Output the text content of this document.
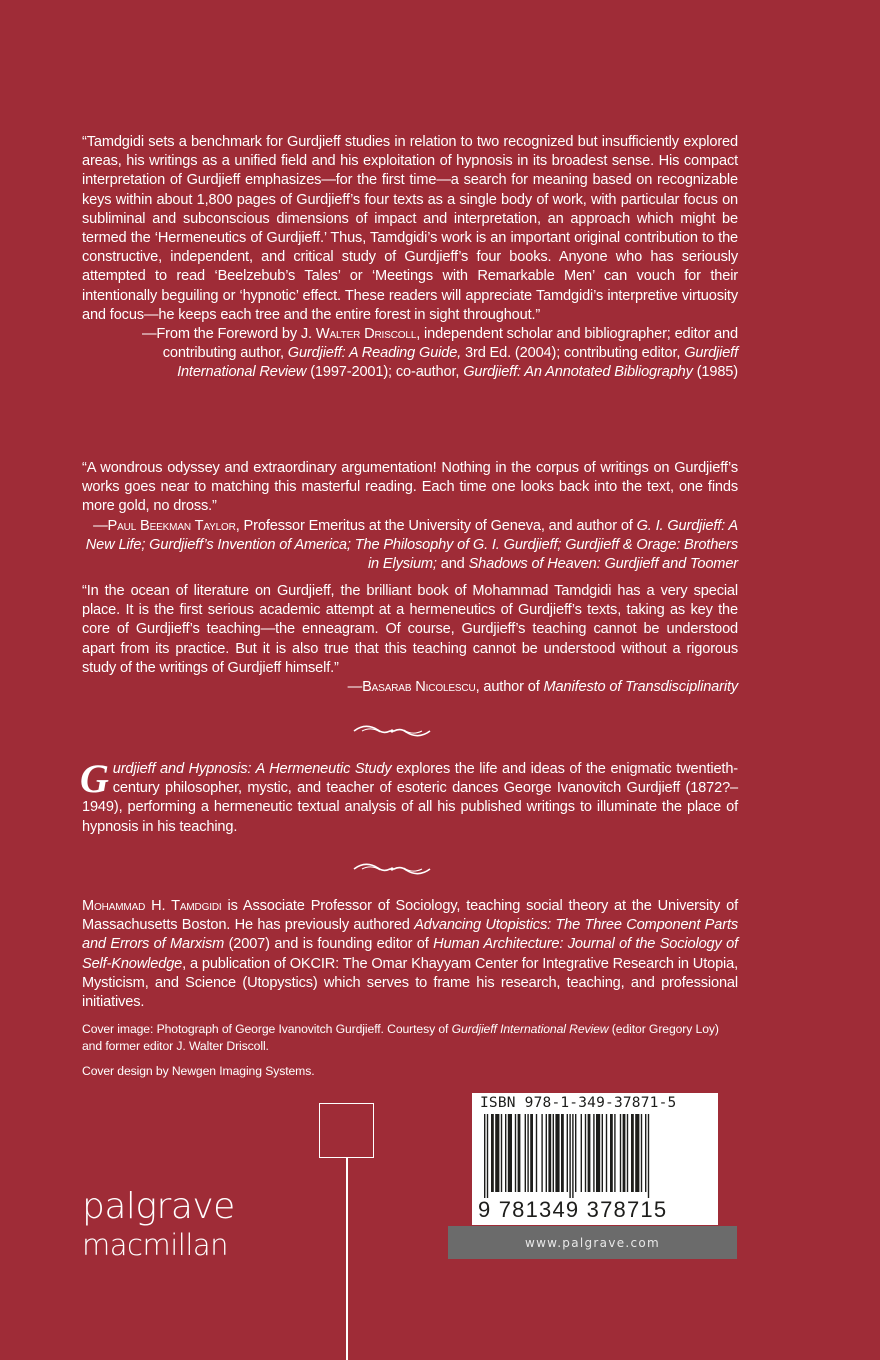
“Tamdgidi sets a benchmark for Gurdjieff studies in relation to two recognized but insufficiently explored areas, his writings as a unified field and his exploitation of hypnosis in its broadest sense. His compact interpretation of Gurdjieff emphasizes—for the first time—a search for meaning based on recognizable keys within about 1,800 pages of Gurdjieff’s four texts as a single body of work, with particular focus on subliminal and subconscious dimensions of impact and interpretation, an approach which might be termed the ‘Hermeneutics of Gurdjieff.’ Thus, Tamdgidi’s work is an important original contribution to the constructive, independent, and critical study of Gurdjieff’s four books. Anyone who has seriously attempted to read ‘Beelzebub’s Tales’ or ‘Meetings with Remarkable Men’ can vouch for their intentionally beguiling or ‘hypnotic’ effect. These readers will appreciate Tamdgidi’s interpretive virtuosity and focus—he keeps each tree and the entire forest in sight throughout.”

—From the Foreword by J. Walter Driscoll, independent scholar and bibliographer; editor and contributing author, Gurdjieff: A Reading Guide, 3rd Ed. (2004); contributing editor, Gurdjieff International Review (1997-2001); co-author, Gurdjieff: An Annotated Bibliography (1985)

“A wondrous odyssey and extraordinary argumentation! Nothing in the corpus of writings on Gurdjieff’s works goes near to matching this masterful reading. Each time one looks back into the text, one finds more gold, no dross.”

—Paul Beekman Taylor, Professor Emeritus at the University of Geneva, and author of G. I. Gurdjieff: A New Life; Gurdjieff’s Invention of America; The Philosophy of G. I. Gurdjieff; Gurdjieff & Orage: Brothers in Elysium; and Shadows of Heaven: Gurdjieff and Toomer

“In the ocean of literature on Gurdjieff, the brilliant book of Mohammad Tamdgidi has a very special place. It is the first serious academic attempt at a hermeneutics of Gurdjieff’s texts, taking as key the core of Gurdjieff’s teaching—the enneagram. Of course, Gurdjieff’s teaching cannot be understood apart from its practice. But it is also true that this teaching cannot be understood without a rigorous study of the writings of Gurdjieff himself.”

—Basarab Nicolescu, author of Manifesto of Transdisciplinarity

Gurdjieff and Hypnosis: A Hermeneutic Study explores the life and ideas of the enigmatic twentieth-century philosopher, mystic, and teacher of esoteric dances George Ivanovitch Gurdjieff (1872?–1949), performing a hermeneutic textual analysis of all his published writings to illuminate the place of hypnosis in his teaching.

Mohammad H. Tamdgidi is Associate Professor of Sociology, teaching social theory at the University of Massachusetts Boston. He has previously authored Advancing Utopistics: The Three Component Parts and Errors of Marxism (2007) and is founding editor of Human Architecture: Journal of the Sociology of Self-Knowledge, a publication of OKCIR: The Omar Khayyam Center for Integrative Research in Utopia, Mysticism, and Science (Utopystics) which serves to frame his research, teaching, and professional initiatives.

Cover image: Photograph of George Ivanovitch Gurdjieff. Courtesy of Gurdjieff International Review (editor Gregory Loy) and former editor J. Walter Driscoll.

Cover design by Newgen Imaging Systems.

palgrave
macmillan
ISBN 978-1-349-37871-5
9 781349 378715
www.palgrave.com
